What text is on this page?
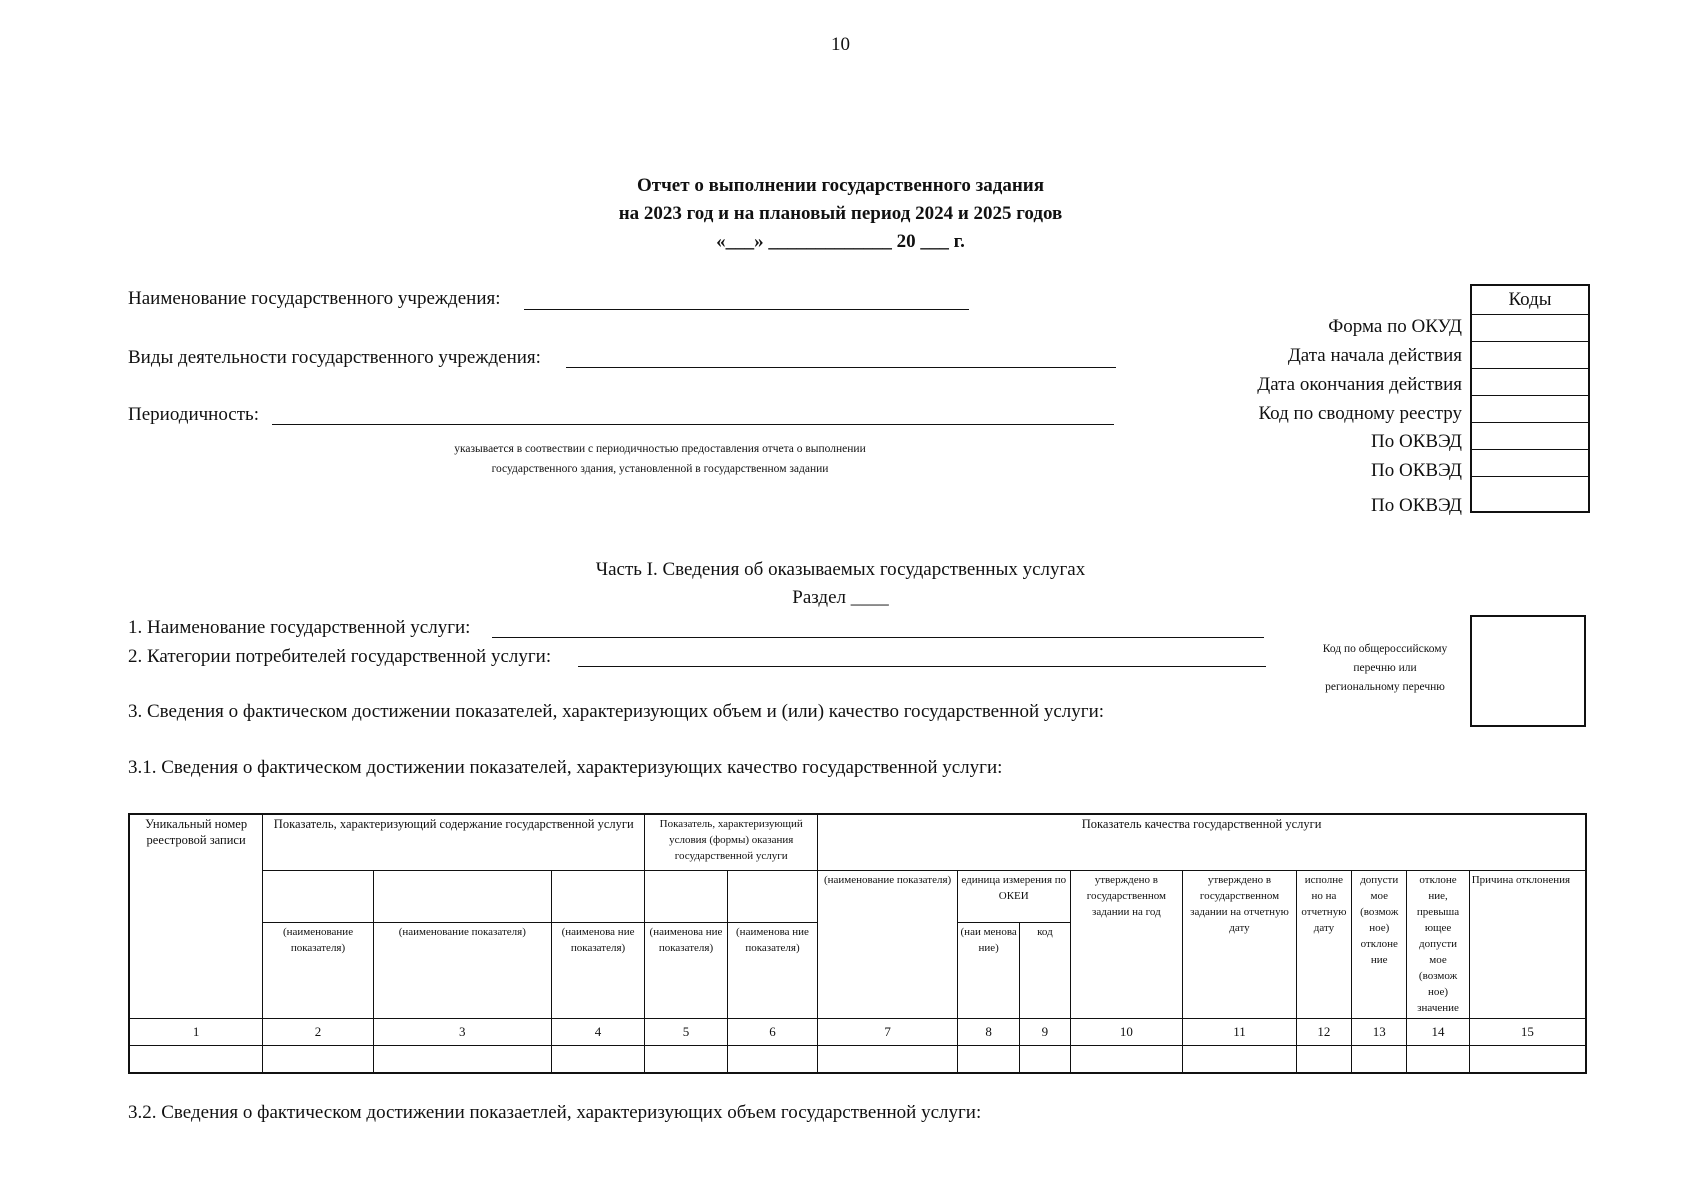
10
Отчет о выполнении государственного задания
на 2023 год и на плановый период 2024 и 2025 годов
«___» _____________ 20 ___ г.
Наименование государственного учреждения:
Виды деятельности государственного учреждения:
Периодичность:
указывается в соотвествии с периодичностью предоставления отчета о выполнении
государственного здания, установленной в государственном задании
Коды
Форма по ОКУД
Дата начала действия
Дата окончания действия
Код по сводному реестру
По ОКВЭД
По ОКВЭД
По ОКВЭД
Часть I. Сведения об оказываемых государственных услугах
Раздел ____
1. Наименование государственной услуги:
2. Категории потребителей государственной услуги:	Код по общероссийскому
перечню или
региональному перечню
3. Сведения о фактическом достижении показателей, характеризующих объем и (или) качество государственной услуги:
3.1. Сведения о фактическом достижении показателей, характеризующих качество государственной услуги:
Уникальный номер реестровой записи	Показатель, характеризующий содержание государственной услуги			Показатель, характеризующий условия (формы) оказания государственной услуги		Показатель качества государственной услуги								
						(наименование показателя)	единица измерения по ОКЕИ		утверждено в государственном задании на год	утверждено в государственном задании на отчетную дату	исполне но на отчетную дату	допусти мое (возмож ное) отклоне ние	отклоне ние, превыша ющее допусти мое (возмож ное) значение	Причина отклонения
	(наименование показателя)	(наименование показателя)	(наименова ние показателя)	(наименова ние показателя)	(наименова ние показателя)		(наи менова ние)	код						
1	2	3	4	5	6	7	8	9	10	11	12	13	14	15

3.2. Сведения о фактическом достижении показаетлей, характеризующих объем государственной услуги:
